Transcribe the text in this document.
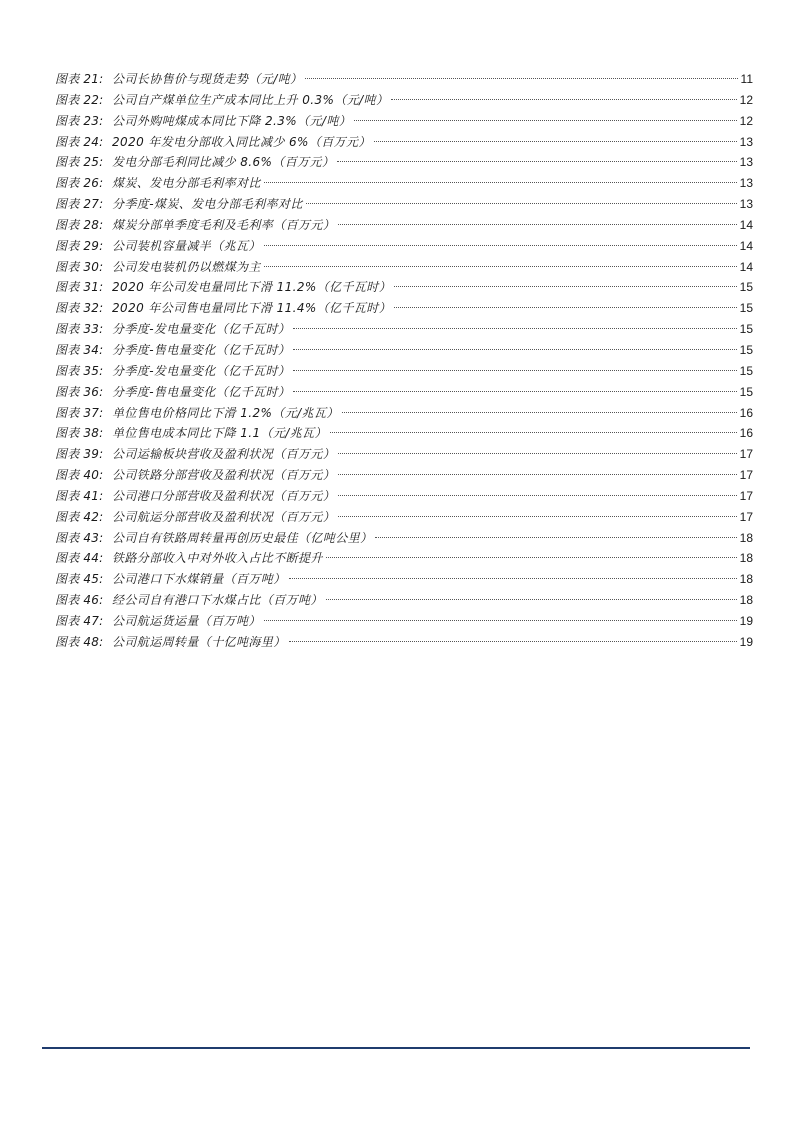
图表 21: 公司长协售价与现货走势（元/吨）	11
图表 22: 公司自产煤单位生产成本同比上升 0.3%（元/吨）	12
图表 23: 公司外购吨煤成本同比下降 2.3%（元/吨）	12
图表 24: 2020 年发电分部收入同比减少 6%（百万元）	13
图表 25: 发电分部毛利同比减少 8.6%（百万元）	13
图表 26: 煤炭、发电分部毛利率对比	13
图表 27: 分季度-煤炭、发电分部毛利率对比	13
图表 28: 煤炭分部单季度毛利及毛利率（百万元）	14
图表 29: 公司装机容量减半（兆瓦）	14
图表 30: 公司发电装机仍以燃煤为主	14
图表 31: 2020 年公司发电量同比下滑 11.2%（亿千瓦时）	15
图表 32: 2020 年公司售电量同比下滑 11.4%（亿千瓦时）	15
图表 33: 分季度-发电量变化（亿千瓦时）	15
图表 34: 分季度-售电量变化（亿千瓦时）	15
图表 35: 分季度-发电量变化（亿千瓦时）	15
图表 36: 分季度-售电量变化（亿千瓦时）	15
图表 37: 单位售电价格同比下滑 1.2%（元/兆瓦）	16
图表 38: 单位售电成本同比下降 1.1（元/兆瓦）	16
图表 39: 公司运输板块营收及盈利状况（百万元）	17
图表 40: 公司铁路分部营收及盈利状况（百万元）	17
图表 41: 公司港口分部营收及盈利状况（百万元）	17
图表 42: 公司航运分部营收及盈利状况（百万元）	17
图表 43: 公司自有铁路周转量再创历史最佳（亿吨公里）	18
图表 44: 铁路分部收入中对外收入占比不断提升	18
图表 45: 公司港口下水煤销量（百万吨）	18
图表 46: 经公司自有港口下水煤占比（百万吨）	18
图表 47: 公司航运货运量（百万吨）	19
图表 48: 公司航运周转量（十亿吨海里）	19
